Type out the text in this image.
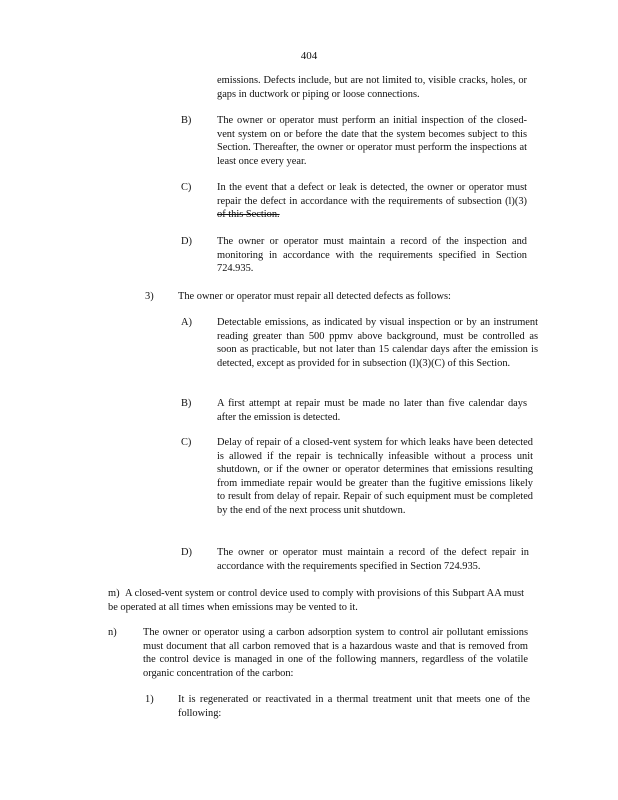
404
emissions. Defects include, but are not limited to, visible cracks, holes, or gaps in ductwork or piping or loose connections.
B) The owner or operator must perform an initial inspection of the closed-vent system on or before the date that the system becomes subject to this Section. Thereafter, the owner or operator must perform the inspections at least once every year.
C) In the event that a defect or leak is detected, the owner or operator must repair the defect in accordance with the requirements of subsection (l)(3) of this Section.
D) The owner or operator must maintain a record of the inspection and monitoring in accordance with the requirements specified in Section 724.935.
3) The owner or operator must repair all detected defects as follows:
A) Detectable emissions, as indicated by visual inspection or by an instrument reading greater than 500 ppmv above background, must be controlled as soon as practicable, but not later than 15 calendar days after the emission is detected, except as provided for in subsection (l)(3)(C) of this Section.
B) A first attempt at repair must be made no later than five calendar days after the emission is detected.
C) Delay of repair of a closed-vent system for which leaks have been detected is allowed if the repair is technically infeasible without a process unit shutdown, or if the owner or operator determines that emissions resulting from immediate repair would be greater than the fugitive emissions likely to result from delay of repair. Repair of such equipment must be completed by the end of the next process unit shutdown.
D) The owner or operator must maintain a record of the defect repair in accordance with the requirements specified in Section 724.935.
m) A closed-vent system or control device used to comply with provisions of this Subpart AA must be operated at all times when emissions may be vented to it.
n)	The owner or operator using a carbon adsorption system to control air pollutant emissions must document that all carbon removed that is a hazardous waste and that is removed from the control device is managed in one of the following manners, regardless of the volatile organic concentration of the carbon:
1) It is regenerated or reactivated in a thermal treatment unit that meets one of the following:
